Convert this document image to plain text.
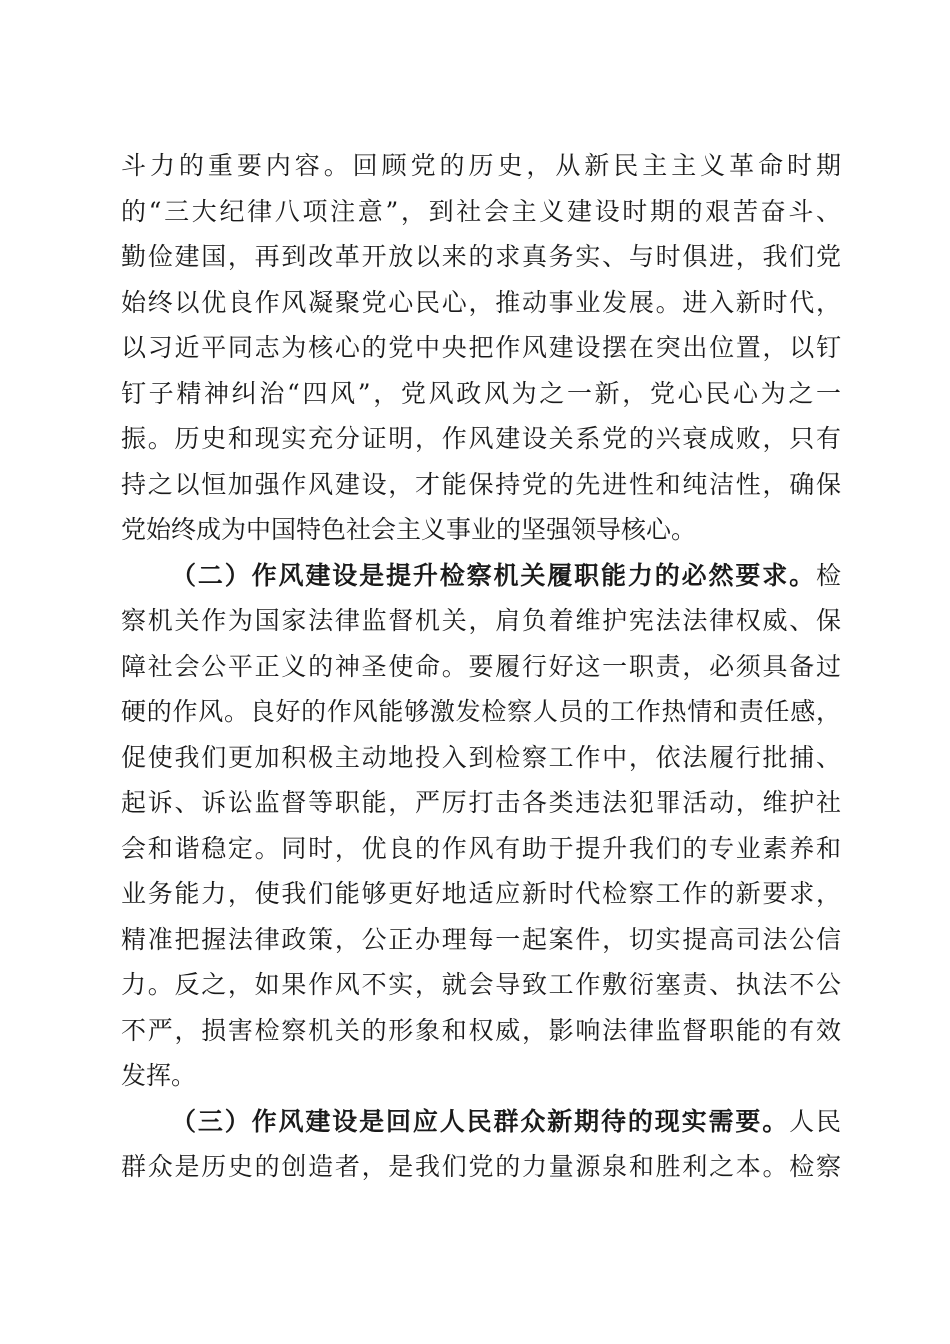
斗力的重要内容。回顾党的历史，从新民主主义革命时期
的“三大纪律八项注意”，到社会主义建设时期的艰苦奋斗、
勤俭建国，再到改革开放以来的求真务实、与时俱进，我们党
始终以优良作风凝聚党心民心，推动事业发展。进入新时代，
以习近平同志为核心的党中央把作风建设摆在突出位置，以钉
钉子精神纠治“四风”，党风政风为之一新，党心民心为之一
振。历史和现实充分证明，作风建设关系党的兴衰成败，只有
持之以恒加强作风建设，才能保持党的先进性和纯洁性，确保
党始终成为中国特色社会主义事业的坚强领导核心。
（二）作风建设是提升检察机关履职能力的必然要求。检
察机关作为国家法律监督机关，肩负着维护宪法法律权威、保
障社会公平正义的神圣使命。要履行好这一职责，必须具备过
硬的作风。良好的作风能够激发检察人员的工作热情和责任感，
促使我们更加积极主动地投入到检察工作中，依法履行批捕、
起诉、诉讼监督等职能，严厉打击各类违法犯罪活动，维护社
会和谐稳定。同时，优良的作风有助于提升我们的专业素养和
业务能力，使我们能够更好地适应新时代检察工作的新要求，
精准把握法律政策，公正办理每一起案件，切实提高司法公信
力。反之，如果作风不实，就会导致工作敷衍塞责、执法不公
不严，损害检察机关的形象和权威，影响法律监督职能的有效
发挥。
（三）作风建设是回应人民群众新期待的现实需要。人民
群众是历史的创造者，是我们党的力量源泉和胜利之本。检察
